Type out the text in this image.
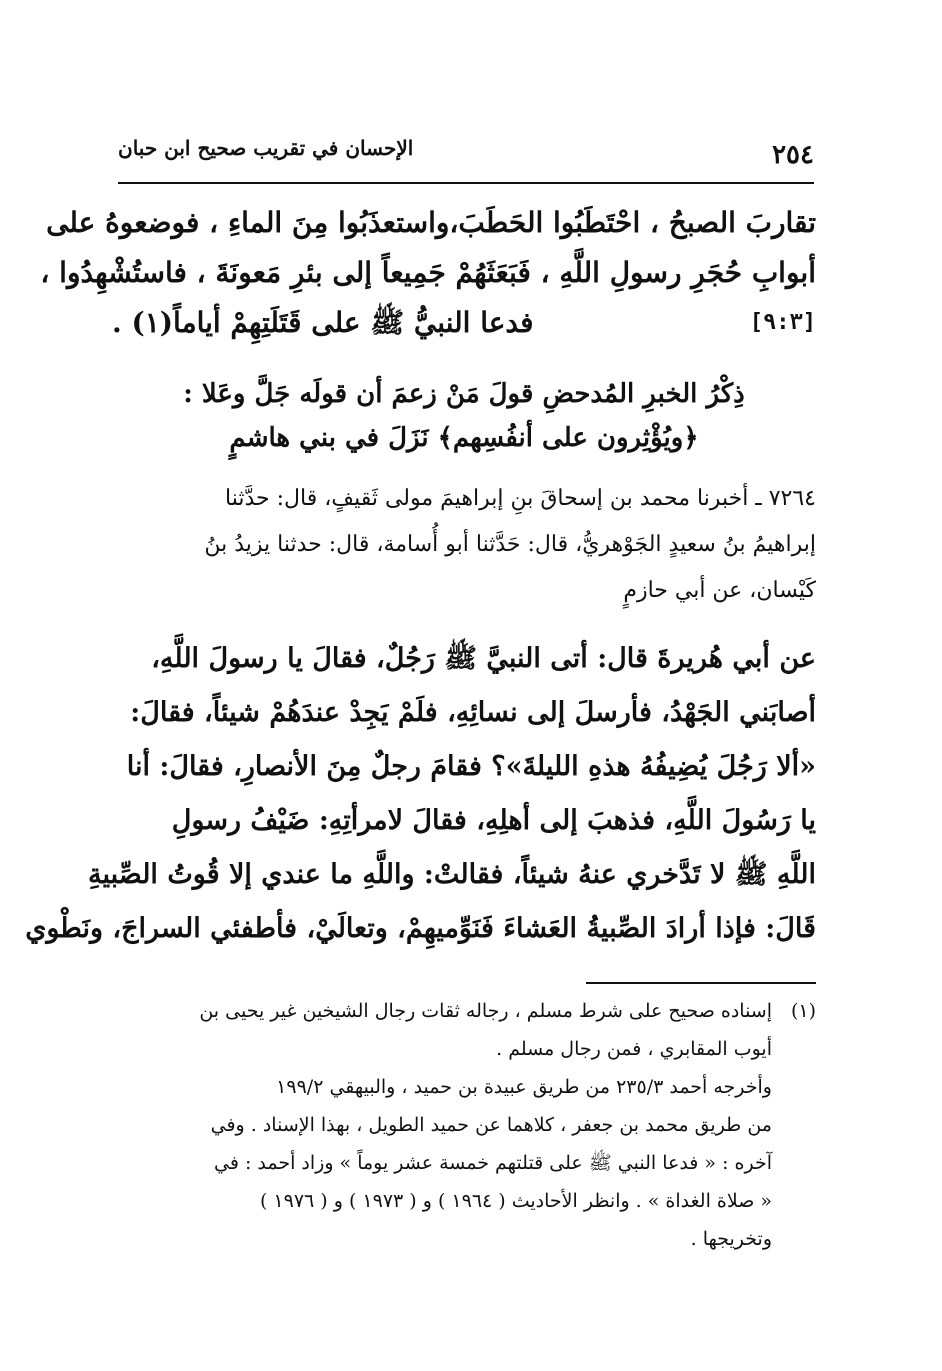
الإحسان في تقريب صحيح ابن حبان	٢٥٤
تقاربَ الصبحُ ، احْتَطَبُوا الحَطَبَ،واستعذَبُوا مِنَ الماءِ ، فوضعوهُ على
أبوابِ حُجَرِ رسولِ اللَّهِ ، فَبَعَثَهُمْ جَمِيعاً إلى بئرِ مَعونَةَ ، فاستُشْهِدُوا ،
فدعا النبيُّ ﷺ على قَتَلَتِهِمْ أياماً(١) .	[٩:٣]
ذِكْرُ الخبرِ المُدحضِ قولَ مَنْ زعمَ أن قولَه جَلَّ وعَلا :
﴿ويُؤْثِرون على أنفُسِهم﴾ نَزَلَ في بني هاشمٍ
٧٢٦٤ ـ أخبرنا محمد بن إسحاقَ بنِ إبراهيمَ مولى ثَقيفٍ، قال: حدَّثنا
إبراهيمُ بنُ سعيدٍ الجَوْهريُّ، قال: حَدَّثنا أبو أُسامة، قال: حدثنا يزيدُ بنُ
كَيْسان، عن أبي حازمٍ
عن أبي هُريرةَ قال: أتى النبيَّ ﷺ رَجُلٌ، فقالَ يا رسولَ اللَّهِ،
أصابَني الجَهْدُ، فأرسلَ إلى نسائِهِ، فلَمْ يَجِدْ عندَهُمْ شيئاً، فقالَ:
«ألا رَجُلَ يُضِيفُهُ هذهِ الليلةَ»؟ فقامَ رجلٌ مِنَ الأنصارِ، فقالَ: أنا
يا رَسُولَ اللَّهِ، فذهبَ إلى أهلِهِ، فقالَ لامرأتِهِ: ضَيْفُ رسولِ
اللَّهِ ﷺ لا تَدَّخري عنهُ شيئاً، فقالتْ: واللَّهِ ما عندي إلا قُوتُ الصِّبيةِ
قَالَ: فإذا أرادَ الصِّبيةُ العَشاءَ فَنَوِّميهِمْ، وتعالَيْ، فأطفئي السراجَ، ونَطْوي
(١)إسناده صحيح على شرط مسلم ، رجاله ثقات رجال الشيخين غير يحيى بن
أيوب المقابري ، فمن رجال مسلم .
وأخرجه أحمد ٢٣٥/٣ من طريق عبيدة بن حميد ، والبيهقي ١٩٩/٢
من طريق محمد بن جعفر ، كلاهما عن حميد الطويل ، بهذا الإسناد . وفي
آخره : « فدعا النبي ﷺ على قتلتهم خمسة عشر يوماً » وزاد أحمد : في
« صلاة الغداة » . وانظر الأحاديث ( ١٩٦٤ ) و ( ١٩٧٣ ) و ( ١٩٧٦ )
وتخريجها .
